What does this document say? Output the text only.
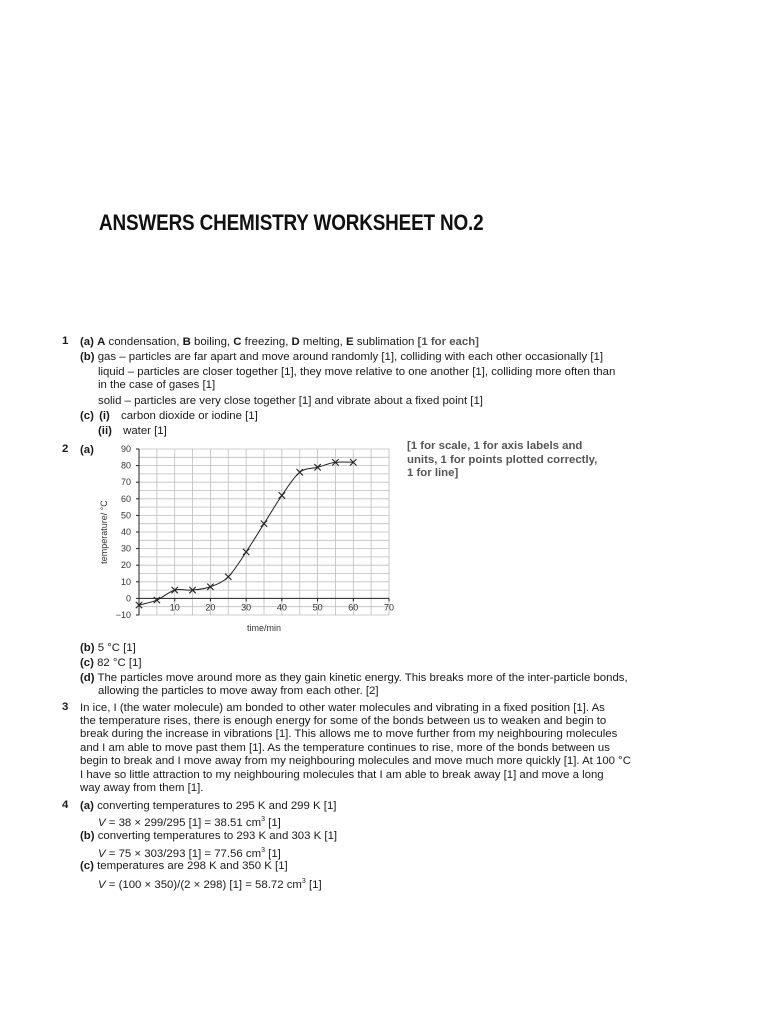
ANSWERS CHEMISTRY WORKSHEET NO.2
1 (a) A condensation, B boiling, C freezing, D melting, E sublimation [1 for each]
(b) gas – particles are far apart and move around randomly [1], colliding with each other occasionally [1]
liquid – particles are closer together [1], they move relative to one another [1], colliding more often than
in the case of gases [1]
solid – particles are very close together [1] and vibrate about a fixed point [1]
(c) (i) carbon dioxide or iodine [1]
(ii) water [1]
2 (a)
−10
0
10
20
30
40
50
60
70
80
90
10	20	30	40	50	60	70
time/min
temperature/ °C
[1 for scale, 1 for axis labels and
units, 1 for points plotted correctly,
1 for line]
(b) 5 °C [1]
(c) 82 °C [1]
(d) The particles move around more as they gain kinetic energy. This breaks more of the inter-particle bonds,
allowing the particles to move away from each other. [2]
3 In ice, I (the water molecule) am bonded to other water molecules and vibrating in a fixed position [1]. As
the temperature rises, there is enough energy for some of the bonds between us to weaken and begin to
break during the increase in vibrations [1]. This allows me to move further from my neighbouring molecules
and I am able to move past them [1]. As the temperature continues to rise, more of the bonds between us
begin to break and I move away from my neighbouring molecules and move much more quickly [1]. At 100 °C
I have so little attraction to my neighbouring molecules that I am able to break away [1] and move a long
way away from them [1].
4 (a) converting temperatures to 295 K and 299 K [1]
V = 38 × 299/295 [1] = 38.51 $cm^3$ [1]
(b) converting temperatures to 293 K and 303 K [1]
V = 75 × 303/293 [1] = 77.56 $cm^3$ [1]
(c) temperatures are 298 K and 350 K [1]
V = (100 × 350)/(2 × 298) [1] = 58.72 $cm^3$ [1]
